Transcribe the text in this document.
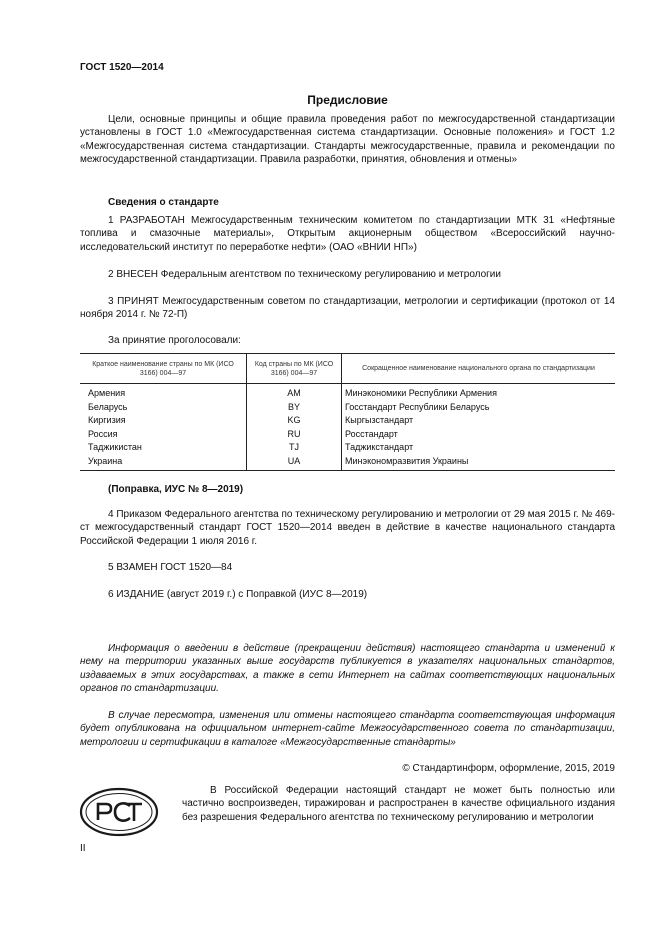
ГОСТ 1520—2014
Предисловие
Цели, основные принципы и общие правила проведения работ по межгосударственной стандартизации установлены в ГОСТ 1.0 «Межгосударственная система стандартизации. Основные положения» и ГОСТ 1.2 «Межгосударственная система стандартизации. Стандарты межгосударственные, правила и рекомендации по межгосударственной стандартизации. Правила разработки, принятия, обновления и отмены»
Сведения о стандарте
1 РАЗРАБОТАН Межгосударственным техническим комитетом по стандартизации МТК 31 «Нефтяные топлива и смазочные материалы», Открытым акционерным обществом «Всероссийский научно-исследовательский институт по переработке нефти» (ОАО «ВНИИ НП»)
2 ВНЕСЕН Федеральным агентством по техническому регулированию и метрологии
3 ПРИНЯТ Межгосударственным советом по стандартизации, метрологии и сертификации (протокол от 14 ноября 2014 г. № 72-П)
За принятие проголосовали:
Краткое наименование страны по МК (ИСО 3166) 004—97	Код страны по МК (ИСО 3166) 004—97	Сокращенное наименование национального органа по стандартизации
Армения	AM	Минэкономики Республики Армения
Беларусь	BY	Госстандарт Республики Беларусь
Киргизия	KG	Кыргызстандарт
Россия	RU	Росстандарт
Таджикистан	TJ	Таджикстандарт
Украина	UA	Минэкономразвития Украины
(Поправка, ИУС № 8—2019)
4 Приказом Федерального агентства по техническому регулированию и метрологии от 29 мая 2015 г. № 469-ст межгосударственный стандарт ГОСТ 1520—2014 введен в действие в качестве национального стандарта Российской Федерации 1 июля 2016 г.
5 ВЗАМЕН ГОСТ 1520—84
6 ИЗДАНИЕ (август 2019 г.) с Поправкой (ИУС 8—2019)
Информация о введении в действие (прекращении действия) настоящего стандарта и изменений к нему на территории указанных выше государств публикуется в указателях национальных стандартов, издаваемых в этих государствах, а также в сети Интернет на сайтах соответствующих национальных органов по стандартизации.
В случае пересмотра, изменения или отмены настоящего стандарта соответствующая информация будет опубликована на официальном интернет-сайте Межгосударственного совета по стандартизации, метрологии и сертификации в каталоге «Межгосударственные стандарты»
© Стандартинформ, оформление, 2015, 2019
В Российской Федерации настоящий стандарт не может быть полностью или частично воспроизведен, тиражирован и распространен в качестве официального издания без разрешения Федерального агентства по техническому регулированию и метрологии
II
